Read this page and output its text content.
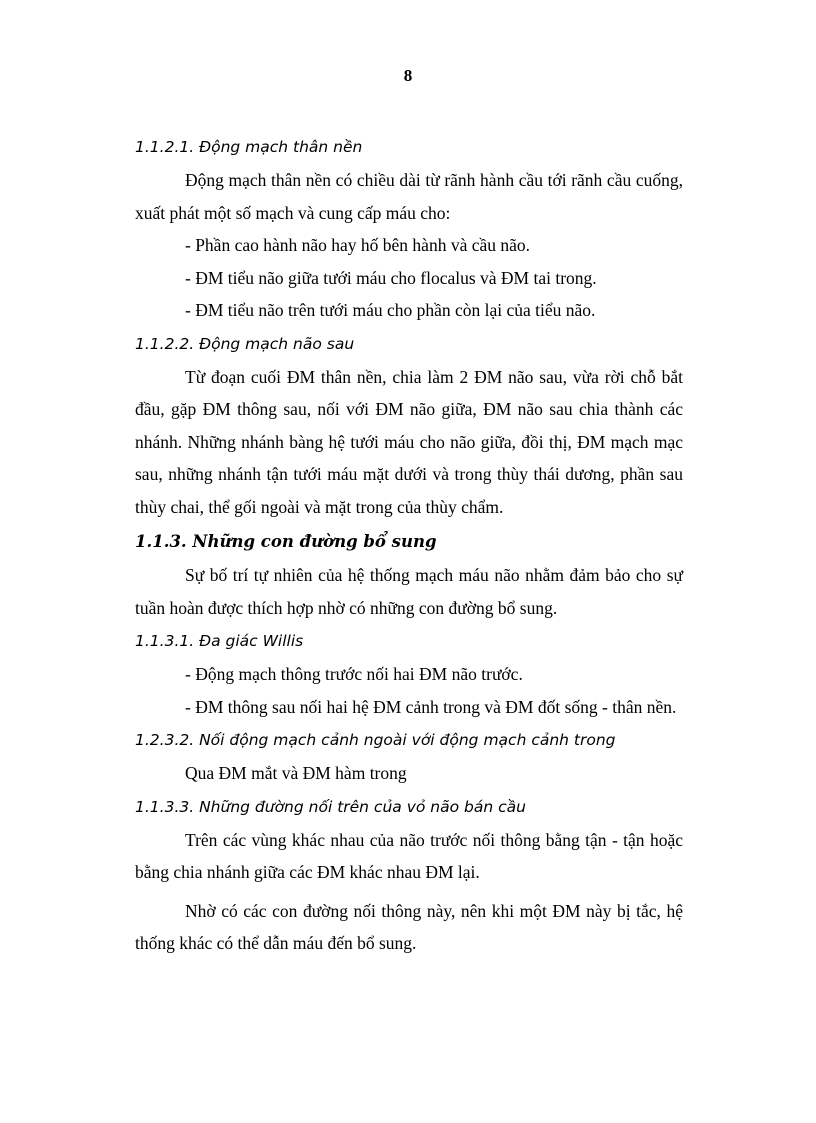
8
1.1.2.1. Động mạch thân nền

Động mạch thân nền có chiều dài từ rãnh hành cầu tới rãnh cầu cuống, xuất phát một số mạch và cung cấp máu cho:

- Phần cao hành não hay hố bên hành và cầu não.
- ĐM tiểu não giữa tưới máu cho flocalus và ĐM tai trong.
- ĐM tiểu não trên tưới máu cho phần còn lại của tiểu não.
1.1.2.2. Động mạch não sau

Từ đoạn cuối ĐM thân nền, chia làm 2 ĐM não sau, vừa rời chỗ bắt đầu, gặp ĐM thông sau, nối với ĐM não giữa, ĐM não sau chia thành các nhánh. Những nhánh bàng hệ tưới máu cho não giữa, đồi thị, ĐM mạch mạc sau, những nhánh tận tưới máu mặt dưới và trong thùy thái dương, phần sau thùy chai, thể gối ngoài và mặt trong của thùy chẩm.

1.1.3. Những con đường bổ sung

Sự bố trí tự nhiên của hệ thống mạch máu não nhằm đảm bảo cho sự tuần hoàn được thích hợp nhờ có những con đường bổ sung.

1.1.3.1. Đa giác Willis
- Động mạch thông trước nối hai ĐM não trước.
- ĐM thông sau nối hai hệ ĐM cảnh trong và ĐM đốt sống - thân nền.
1.2.3.2. Nối động mạch cảnh ngoài với động mạch cảnh trong
Qua ĐM mắt và ĐM hàm trong
1.1.3.3. Những đường nối trên của vỏ não bán cầu

Trên các vùng khác nhau của não trước nối thông bằng tận - tận hoặc bằng chia nhánh giữa các ĐM khác nhau ĐM lại.

Nhờ có các con đường nối thông này, nên khi một ĐM này bị tắc, hệ thống khác có thể dẫn máu đến bổ sung.
